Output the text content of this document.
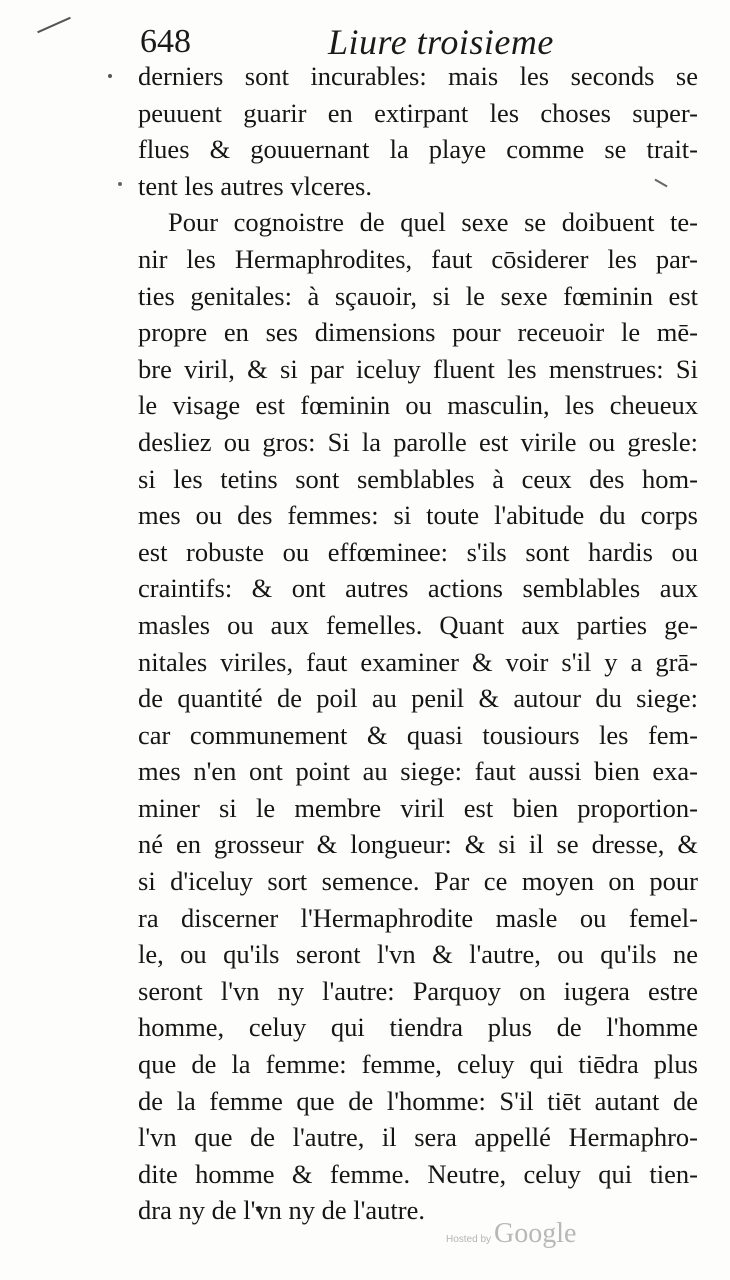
648	Liure troisieme
derniers sont incurables: mais les seconds se
peuuent guarir en extirpant les choses super-
flues & gouuernant la playe comme se trait-
tent les autres vlceres.
Pour cognoistre de quel sexe se doibuent te-
nir les Hermaphrodites, faut cōsiderer les par-
ties genitales: à sçauoir, si le sexe fœminin est
propre en ses dimensions pour receuoir le mē-
bre viril, & si par iceluy fluent les menstrues: Si
le visage est fœminin ou masculin, les cheueux
desliez ou gros: Si la parolle est virile ou gresle:
si les tetins sont semblables à ceux des hom-
mes ou des femmes: si toute l'abitude du corps
est robuste ou effœminee: s'ils sont hardis ou
craintifs: & ont autres actions semblables aux
masles ou aux femelles. Quant aux parties ge-
nitales viriles, faut examiner & voir s'il y a grā-
de quantité de poil au penil & autour du siege:
car communement & quasi tousiours les fem-
mes n'en ont point au siege: faut aussi bien exa-
miner si le membre viril est bien proportion-
né en grosseur & longueur: & si il se dresse, &
si d'iceluy sort semence. Par ce moyen on pour
ra discerner l'Hermaphrodite masle ou femel-
le, ou qu'ils seront l'vn & l'autre, ou qu'ils ne
seront l'vn ny l'autre: Parquoy on iugera estre
homme, celuy qui tiendra plus de l'homme
que de la femme: femme, celuy qui tiēdra plus
de la femme que de l'homme: S'il tiēt autant de
l'vn que de l'autre, il sera appellé Hermaphro-
dite homme & femme. Neutre, celuy qui tien-
dra ny de l'vn ny de l'autre.
Hosted by Google
